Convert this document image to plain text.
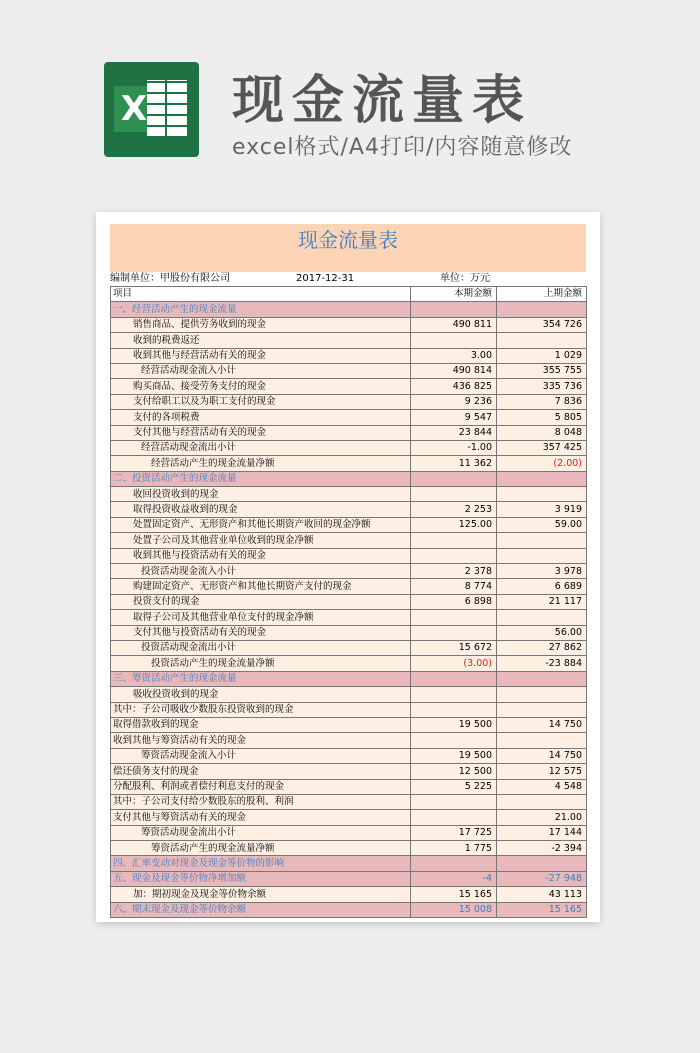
X 现金流量表
excel格式/A4打印/内容随意修改
现金流量表
编制单位：甲股份有限公司	2017-12-31	单位：万元
项目	本期金额	上期金额
一、经营活动产生的现金流量		
销售商品、提供劳务收到的现金	490 811	354 726
收到的税费返还		
收到其他与经营活动有关的现金	3.00	1 029
经营活动现金流入小计	490 814	355 755
购买商品、接受劳务支付的现金	436 825	335 736
支付给职工以及为职工支付的现金	9 236	7 836
支付的各项税费	9 547	5 805
支付其他与经营活动有关的现金	23 844	8 048
经营活动现金流出小计	-1.00	357 425
经营活动产生的现金流量净额	11 362	(2.00)
二、投资活动产生的现金流量		
收回投资收到的现金		
取得投资收益收到的现金	2 253	3 919
处置固定资产、无形资产和其他长期资产收回的现金净额	125.00	59.00
处置子公司及其他营业单位收到的现金净额		
收到其他与投资活动有关的现金		
投资活动现金流入小计	2 378	3 978
购建固定资产、无形资产和其他长期资产支付的现金	8 774	6 689
投资支付的现金	6 898	21 117
取得子公司及其他营业单位支付的现金净额		
支付其他与投资活动有关的现金		56.00
投资活动现金流出小计	15 672	27 862
投资活动产生的现金流量净额	(3.00)	-23 884
三、筹资活动产生的现金流量		
吸收投资收到的现金		
其中：子公司吸收少数股东投资收到的现金		
取得借款收到的现金	19 500	14 750
收到其他与筹资活动有关的现金		
筹资活动现金流入小计	19 500	14 750
偿还债务支付的现金	12 500	12 575
分配股利、利润或者偿付利息支付的现金	5 225	4 548
其中：子公司支付给少数股东的股利、利润		
支付其他与筹资活动有关的现金		21.00
筹资活动现金流出小计	17 725	17 144
筹资活动产生的现金流量净额	1 775	-2 394
四、汇率变动对现金及现金等价物的影响		
五、现金及现金等价物净增加额	-4	-27 948
加：期初现金及现金等价物余额	15 165	43 113
六、期末现金及现金等价物余额	15 008	15 165
